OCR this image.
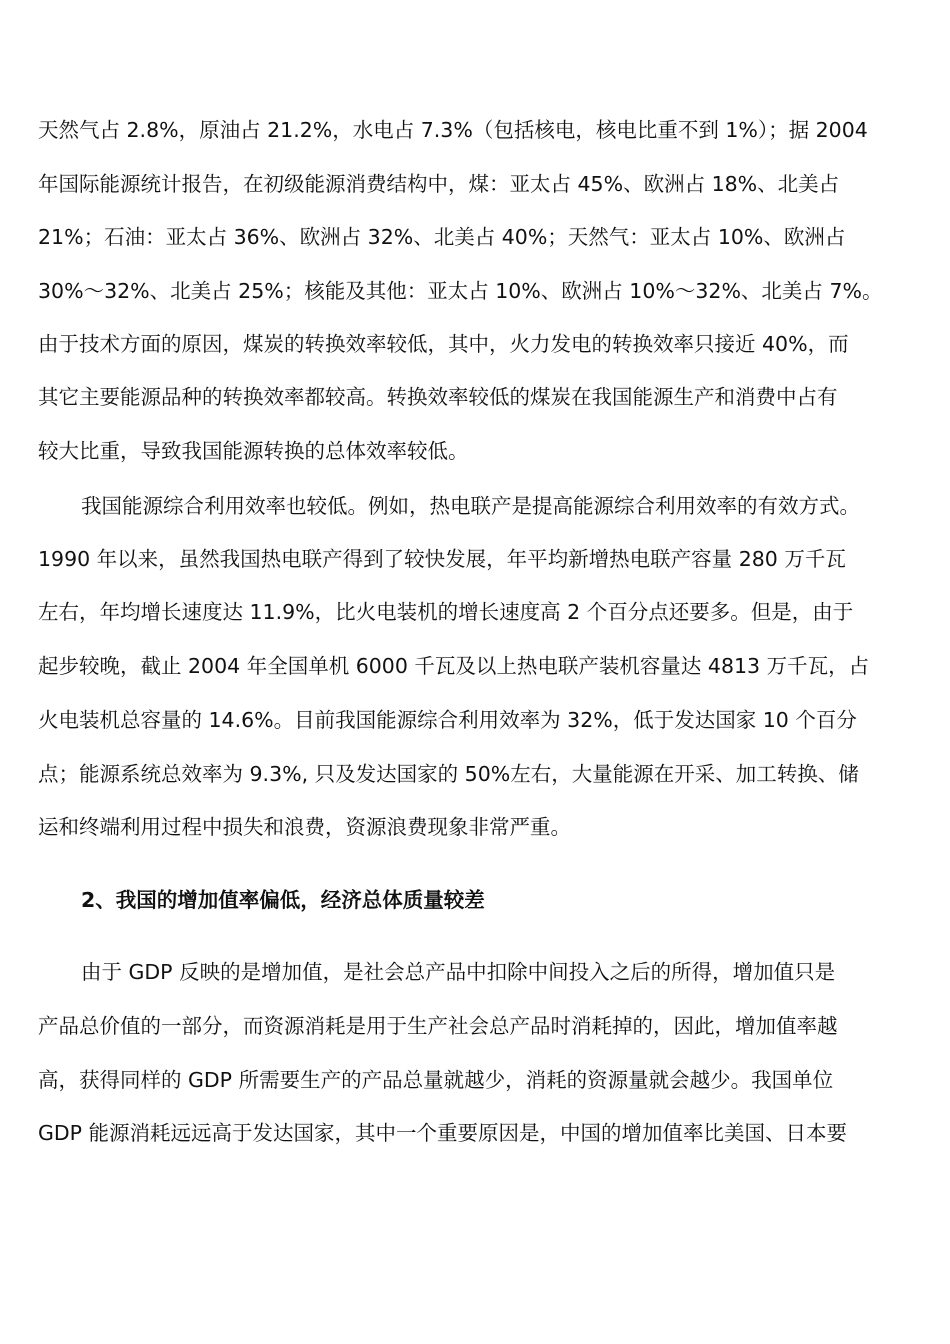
天然气占 2.8%，原油占 21.2%，水电占 7.3%（包括核电，核电比重不到 1%）；据 2004
年国际能源统计报告，在初级能源消费结构中，煤：亚太占 45%、欧洲占 18%、北美占
21%；石油：亚太占 36%、欧洲占 32%、北美占 40%；天然气：亚太占 10%、欧洲占
30%～32%、北美占 25%；核能及其他：亚太占 10%、欧洲占 10%～32%、北美占 7%。
由于技术方面的原因，煤炭的转换效率较低，其中，火力发电的转换效率只接近 40%，而
其它主要能源品种的转换效率都较高。转换效率较低的煤炭在我国能源生产和消费中占有
较大比重，导致我国能源转换的总体效率较低。
我国能源综合利用效率也较低。例如，热电联产是提高能源综合利用效率的有效方式。
1990 年以来，虽然我国热电联产得到了较快发展，年平均新增热电联产容量 280 万千瓦
左右，年均增长速度达 11.9%，比火电装机的增长速度高 2 个百分点还要多。但是，由于
起步较晚，截止 2004 年全国单机 6000 千瓦及以上热电联产装机容量达 4813 万千瓦，占
火电装机总容量的 14.6%。目前我国能源综合利用效率为 32%，低于发达国家 10 个百分
点；能源系统总效率为 9.3%, 只及发达国家的 50%左右，大量能源在开采、加工转换、储
运和终端利用过程中损失和浪费，资源浪费现象非常严重。
2、我国的增加值率偏低，经济总体质量较差
由于 GDP 反映的是增加值，是社会总产品中扣除中间投入之后的所得，增加值只是
产品总价值的一部分，而资源消耗是用于生产社会总产品时消耗掉的，因此，增加值率越
高，获得同样的 GDP 所需要生产的产品总量就越少，消耗的资源量就会越少。我国单位
GDP 能源消耗远远高于发达国家，其中一个重要原因是，中国的增加值率比美国、日本要
